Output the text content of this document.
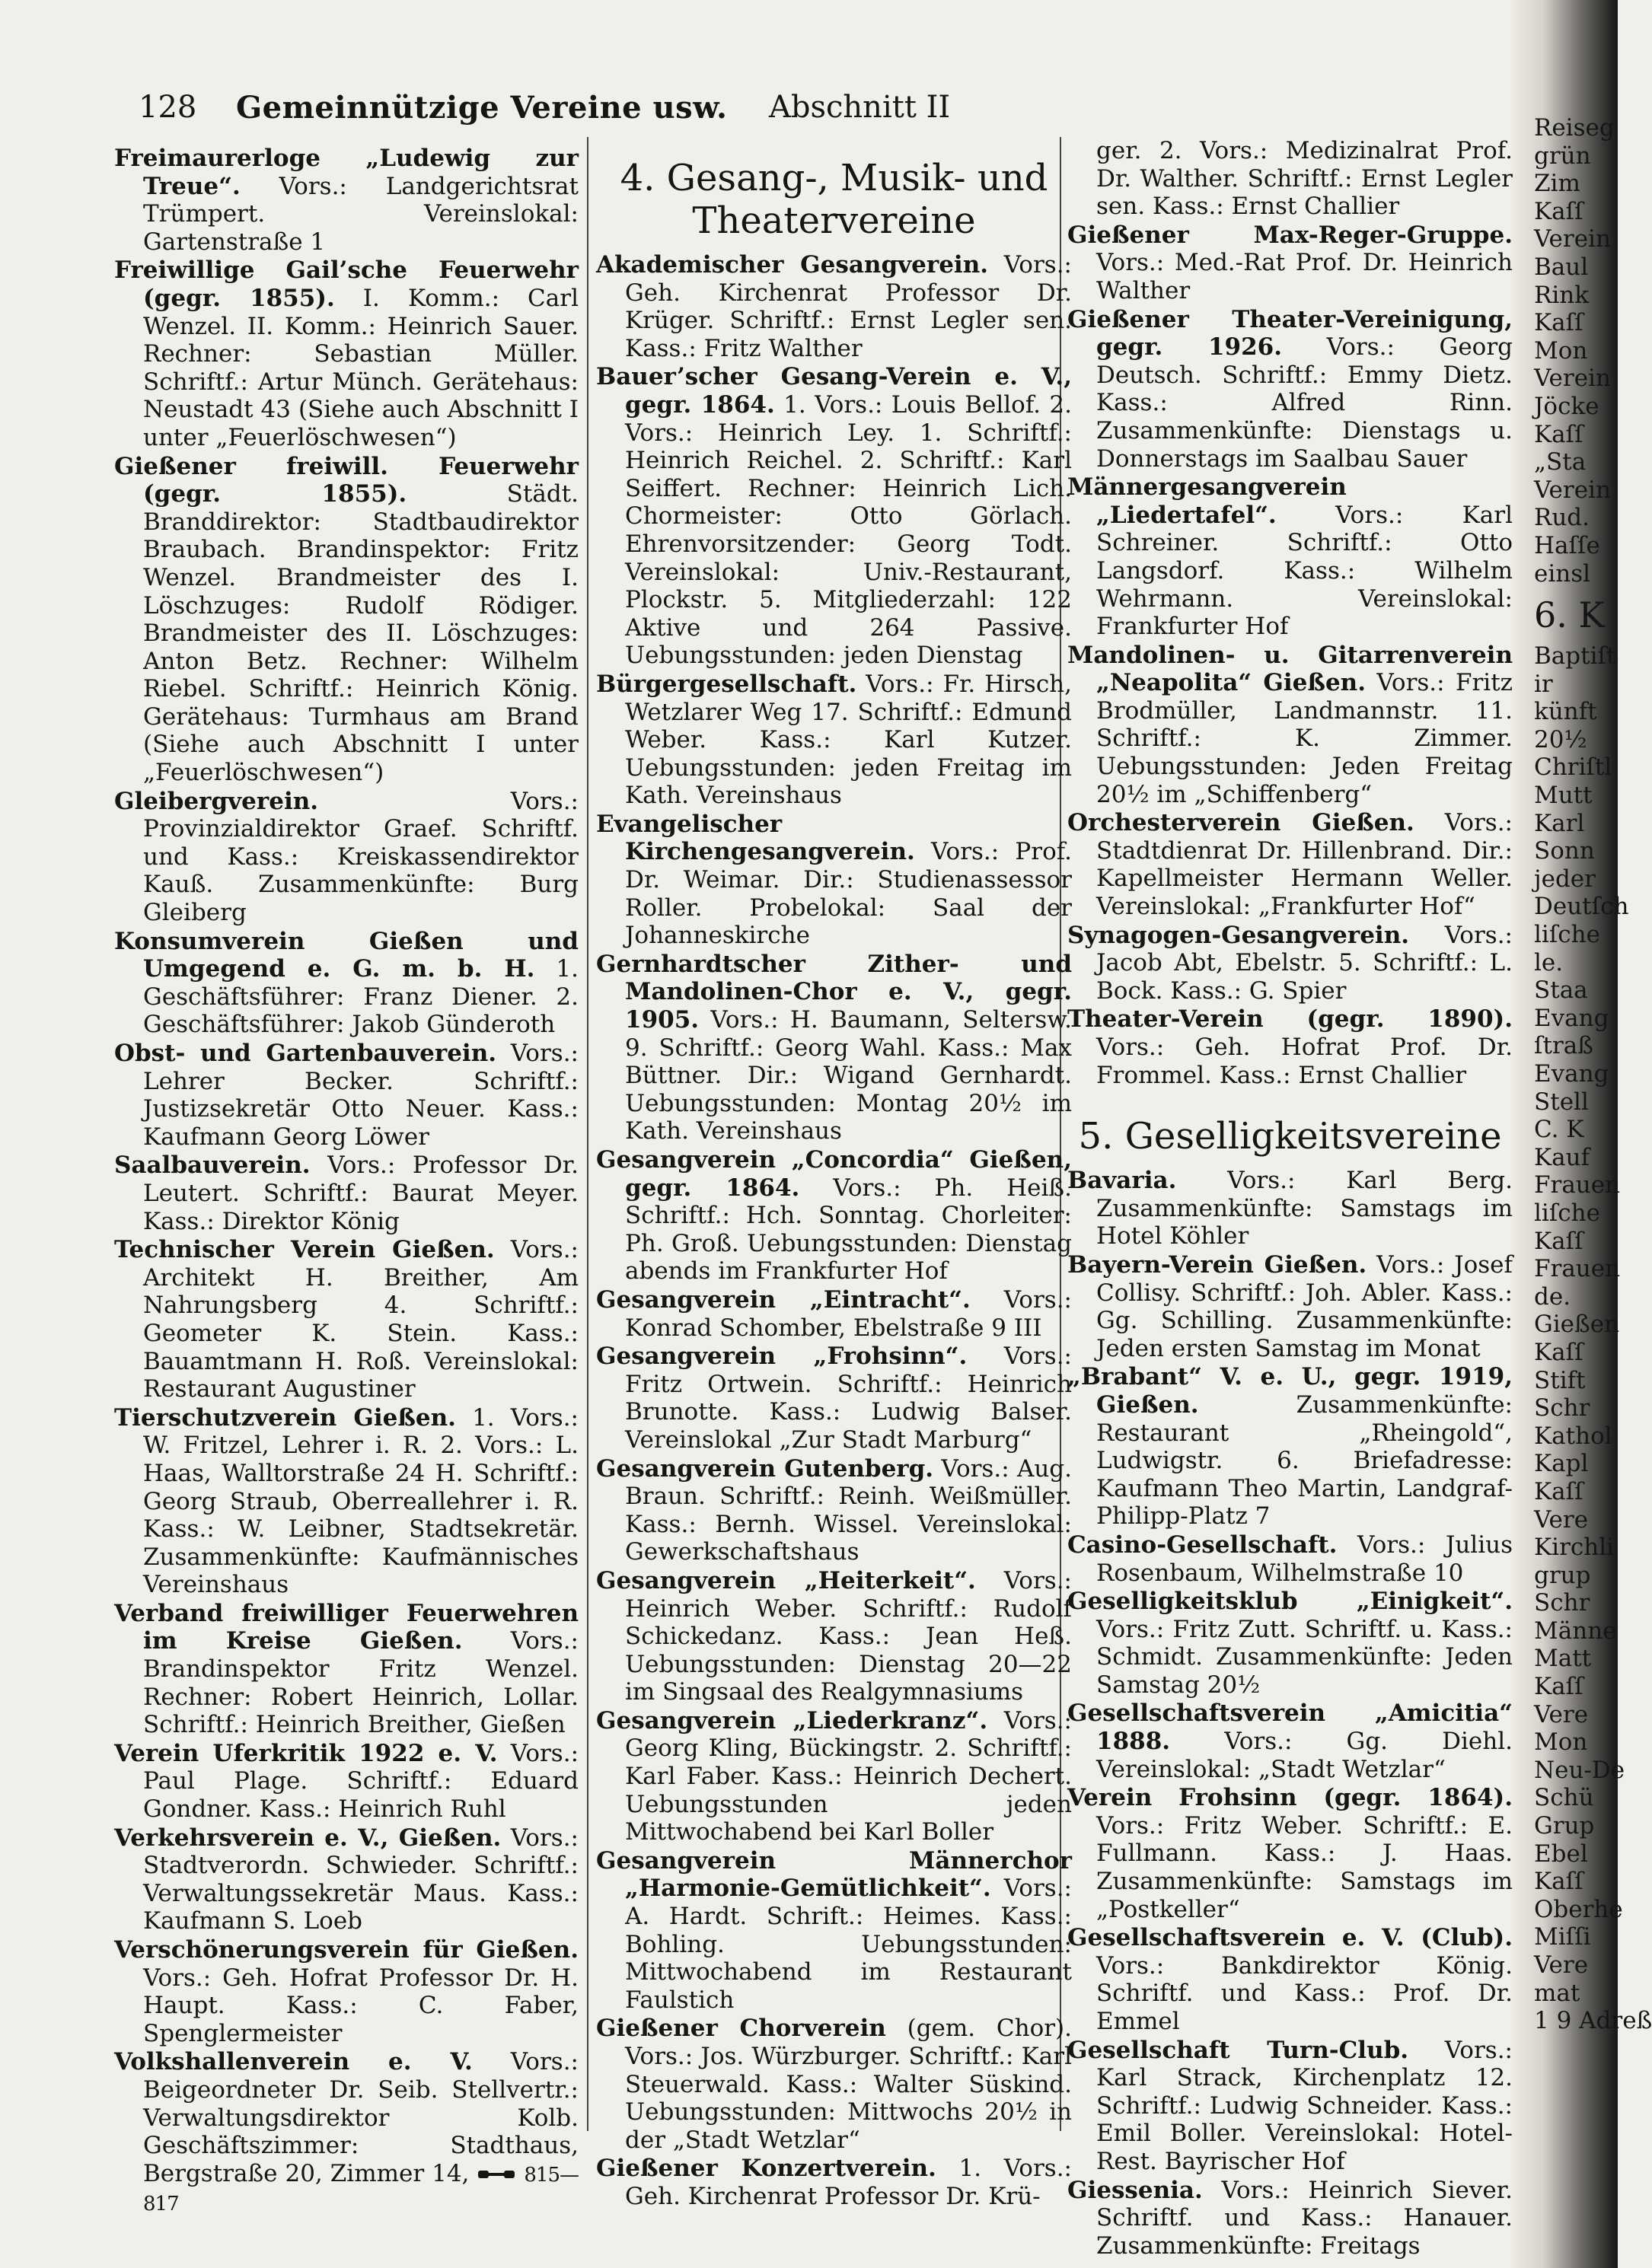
128 Gemeinnützige Vereine usw. Abschnitt II
Freimaurerloge „Ludewig zur Treue“. Vors.: Landgerichtsrat Trümpert. Vereinslokal: Gartenstraße 1
Freiwillige Gail’sche Feuerwehr (gegr. 1855). I. Komm.: Carl Wenzel. II. Komm.: Heinrich Sauer. Rechner: Sebastian Müller. Schriftf.: Artur Münch. Gerätehaus: Neustadt 43 (Siehe auch Abschnitt I unter „Feuerlöschwesen“)
Gießener freiwill. Feuerwehr (gegr. 1855).	Städt. Branddirektor: Stadtbaudirektor Braubach. Brandinspektor: Fritz Wenzel. Brandmeister des I. Löschzuges: Rudolf Rödiger. Brandmeister des II. Löschzuges: Anton Betz. Rechner: Wilhelm Riebel. Schriftf.: Heinrich König. Gerätehaus: Turmhaus am Brand (Siehe auch Abschnitt I unter „Feuerlöschwesen“)
Gleibergverein.	Vors.: Provinzialdirektor Graef. Schriftf. und Kass.: Kreiskassendirektor Kauß. Zusammenkünfte: Burg Gleiberg
Konsumverein Gießen und Umgegend e. G. m. b. H. 1. Geschäftsführer: Franz Diener. 2. Geschäftsführer: Jakob Günderoth
Obst- und Gartenbauverein. Vors.: Lehrer Becker. Schriftf.: Justizsekretär Otto Neuer. Kass.: Kaufmann Georg Löwer
Saalbauverein. Vors.: Professor Dr. Leutert. Schriftf.: Baurat Meyer. Kass.: Direktor König
Technischer Verein Gießen. Vors.: Architekt H. Breither, Am Nahrungsberg 4. Schriftf.: Geometer K. Stein. Kass.: Bauamtmann H. Roß. Vereinslokal: Restaurant Augustiner
Tierschutzverein Gießen. 1. Vors.: W. Fritzel, Lehrer i. R. 2. Vors.: L. Haas, Walltorstraße 24 H. Schriftf.: Georg Straub, Oberreallehrer i. R. Kass.: W. Leibner, Stadtsekretär. Zusammenkünfte: Kaufmännisches Vereinshaus
Verband freiwilliger Feuerwehren im Kreise Gießen. Vors.: Brandinspektor Fritz Wenzel. Rechner: Robert Heinrich, Lollar. Schriftf.: Heinrich Breither, Gießen
Verein Uferkritik 1922 e. V. Vors.: Paul Plage. Schriftf.: Eduard Gondner. Kass.: Heinrich Ruhl
Verkehrsverein e. V., Gießen. Vors.: Stadtverordn. Schwieder. Schriftf.: Verwaltungssekretär Maus. Kass.: Kaufmann S. Loeb
Verschönerungsverein für Gießen. Vors.: Geh. Hofrat Professor Dr. H. Haupt. Kass.: C. Faber, Spenglermeister
Volkshallenverein e. V. Vors.: Beigeordneter Dr. Seib. Stellvertr.: Verwaltungsdirektor Kolb. Geschäftszimmer: Stadthaus, Bergstraße 20, Zimmer 14,	815—817
4. Gesang-, Musik- und Theatervereine
Akademischer Gesangverein. Vors.: Geh. Kirchenrat Professor Dr. Krüger. Schriftf.: Ernst Legler sen. Kass.: Fritz Walther
Bauer’scher Gesang-Verein e. V., gegr. 1864. 1. Vors.: Louis Bellof. 2. Vors.: Heinrich Ley. 1. Schriftf.: Heinrich Reichel. 2. Schriftf.: Karl Seiffert. Rechner: Heinrich Lich. Chormeister: Otto Görlach. Ehrenvorsitzender: Georg Todt. Vereinslokal: Univ.-Restaurant, Plockstr. 5. Mitgliederzahl: 122 Aktive und 264 Passive. Uebungsstunden: jeden Dienstag
Bürgergesellschaft. Vors.: Fr. Hirsch, Wetzlarer Weg 17. Schriftf.: Edmund Weber. Kass.: Karl Kutzer. Uebungsstunden: jeden Freitag im Kath. Vereinshaus
Evangelischer Kirchengesangverein. Vors.: Prof. Dr. Weimar. Dir.: Studienassessor Roller. Probelokal: Saal der Johanneskirche
Gernhardtscher Zither- und Mandolinen-Chor e. V., gegr. 1905. Vors.: H. Baumann, Seltersw. 9. Schriftf.: Georg Wahl. Kass.: Max Büttner. Dir.: Wigand Gernhardt. Uebungsstunden: Montag 20½ im Kath. Vereinshaus
Gesangverein „Concordia“ Gießen, gegr. 1864. Vors.: Ph. Heiß. Schriftf.: Hch. Sonntag. Chorleiter: Ph. Groß. Uebungsstunden: Dienstag abends im Frankfurter Hof
Gesangverein „Eintracht“. Vors.: Konrad Schomber, Ebelstraße 9 III
Gesangverein „Frohsinn“. Vors.: Fritz Ortwein. Schriftf.: Heinrich Brunotte. Kass.: Ludwig Balser. Vereinslokal „Zur Stadt Marburg“
Gesangverein Gutenberg. Vors.: Aug. Braun. Schriftf.: Reinh. Weißmüller. Kass.: Bernh. Wissel. Vereinslokal: Gewerkschaftshaus
Gesangverein „Heiterkeit“. Vors.: Heinrich Weber. Schriftf.: Rudolf Schickedanz. Kass.: Jean Heß. Uebungsstunden: Dienstag 20—22 im Singsaal des Realgymnasiums
Gesangverein „Liederkranz“. Vors.: Georg Kling, Bückingstr. 2. Schriftf.: Karl Faber. Kass.: Heinrich Dechert. Uebungsstunden jeden Mittwochabend bei Karl Boller
Gesangverein Männerchor „Harmonie-Gemütlichkeit“. Vors.: A. Hardt. Schrift.: Heimes. Kass.: Bohling. Uebungsstunden: Mittwochabend im Restaurant Faulstich
Gießener Chorverein (gem. Chor). Vors.: Jos. Würzburger. Schriftf.: Karl Steuerwald. Kass.: Walter Süskind. Uebungsstunden: Mittwochs 20½ in der „Stadt Wetzlar“
Gießener Konzertverein. 1. Vors.: Geh. Kirchenrat Professor Dr. Krü-
ger. 2. Vors.: Medizinalrat Prof. Dr. Walther. Schriftf.: Ernst Legler sen. Kass.: Ernst Challier
Gießener Max-Reger-Gruppe. Vors.: Med.-Rat Prof. Dr. Heinrich Walther
Gießener Theater-Vereinigung, gegr. 1926. Vors.: Georg Deutsch. Schriftf.: Emmy Dietz. Kass.: Alfred Rinn. Zusammenkünfte: Dienstags u. Donnerstags im Saalbau Sauer
Männergesangverein „Liedertafel“. Vors.: Karl Schreiner. Schriftf.: Otto Langsdorf. Kass.: Wilhelm Wehrmann. Vereinslokal: Frankfurter Hof
Mandolinen- u. Gitarrenverein „Neapolita“ Gießen. Vors.: Fritz Brodmüller, Landmannstr. 11. Schriftf.: K. Zimmer. Uebungsstunden: Jeden Freitag 20½ im „Schiffenberg“
Orchesterverein Gießen. Vors.: Stadtdienrat Dr. Hillenbrand. Dir.: Kapellmeister Hermann Weller. Vereinslokal: „Frankfurter Hof“
Synagogen-Gesangverein. Vors.: Jacob Abt, Ebelstr. 5. Schriftf.: L. Bock. Kass.: G. Spier
Theater-Verein (gegr. 1890). Vors.: Geh. Hofrat Prof. Dr. Frommel. Kass.: Ernst Challier
5. Geselligkeitsvereine
Bavaria. Vors.: Karl Berg. Zusammenkünfte: Samstags im Hotel Köhler
Bayern-Verein Gießen. Vors.: Josef Collisy. Schriftf.: Joh. Abler. Kass.: Gg. Schilling. Zusammenkünfte: Jeden ersten Samstag im Monat
„Brabant“ V. e. U., gegr. 1919, Gießen.	Zusammenkünfte: Restaurant „Rheingold“, Ludwigstr. 6. Briefadresse: Kaufmann Theo Martin, Landgraf-Philipp-Platz 7
Casino-Gesellschaft. Vors.: Julius Rosenbaum, Wilhelmstraße 10
Geselligkeitsklub „Einigkeit“. Vors.: Fritz Zutt. Schriftf. u. Kass.: Schmidt. Zusammenkünfte: Jeden Samstag 20½
Gesellschaftsverein „Amicitia“ 1888. Vors.: Gg. Diehl. Vereinslokal: „Stadt Wetzlar“
Verein Frohsinn (gegr. 1864). Vors.: Fritz Weber. Schriftf.: E. Fullmann. Kass.: J. Haas. Zusammenkünfte: Samstags im „Postkeller“
Gesellschaftsverein e. V. (Club). Vors.: Bankdirektor König. Schriftf. und Kass.: Prof. Dr. Emmel
Gesellschaft Turn-Club. Vors.: Karl Strack, Kirchenplatz 12. Schriftf.: Ludwig Schneider. Kass.: Emil Boller. Vereinslokal: Hotel-Rest. Bayrischer Hof
Giessenia. Vors.: Heinrich Siever. Schriftf. und Kass.: Hanauer. Zusammenkünfte: Freitags
Reiseg
grün
Zim
Kaſſ
Verein
Baul
Rink
Kaſſ
Mon
Verein
Jöcke
Kaſſ
„Sta
Verein
Rud.
Haſſe
einsl
6. K
Baptiſt
ir
künft
20½
Chriſtl
Mutt
Karl
Sonn
jeder
Deutſch
liſche
le.
Staa
Evang
ſtraß
Evang
Stell
C. K
Kauf
Frauen
liſche
Kaſſ
Frauen
de.
Gießen
Kaſſ
Stift
Schr
Kathol
Kapl
Kaſſ
Vere
Kirchli
grup
Schr
Männe
Matt
Kaſſ
Vere
Mon
Neu-De
Schü
Grup
Ebel
Kaſſ
Oberhe
Miſſi
Vere
mat
1 9 Adreß
